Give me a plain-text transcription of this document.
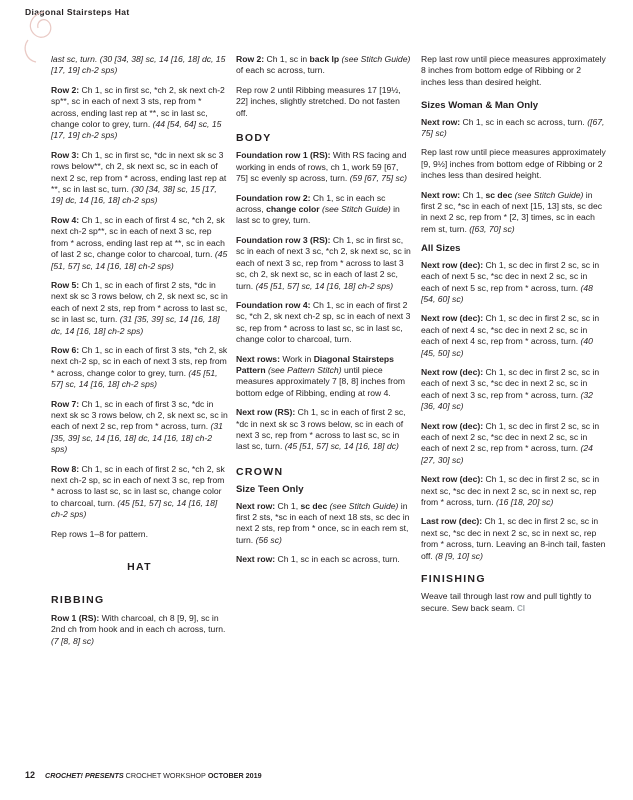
Diagonal Stairsteps Hat

last sc, turn. (30 [34, 38] sc, 14 [16, 18] dc, 15 [17, 19] ch-2 sps)

Row 2: Ch 1, sc in first sc, *ch 2, sk next ch-2 sp**, sc in each of next 3 sts, rep from * across, ending last rep at **, sc in last sc, change color to grey, turn. (44 [54, 64] sc, 15 [17, 19] ch-2 sps)

Row 3: Ch 1, sc in first sc, *dc in next sk sc 3 rows below**, ch 2, sk next sc, sc in each of next 2 sc, rep from * across, ending last rep at **, sc in last sc, turn. (30 [34, 38] sc, 15 [17, 19] dc, 14 [16, 18] ch-2 sps)

Row 4: Ch 1, sc in each of first 4 sc, *ch 2, sk next ch-2 sp**, sc in each of next 3 sc, rep from * across, ending last rep at **, sc in each of last 2 sc, change color to charcoal, turn. (45 [51, 57] sc, 14 [16, 18] ch-2 sps)

Row 5: Ch 1, sc in each of first 2 sts, *dc in next sk sc 3 rows below, ch 2, sk next sc, sc in each of next 2 sts, rep from * across to last sc, sc in last sc, turn. (31 [35, 39] sc, 14 [16, 18] dc, 14 [16, 18] ch-2 sps)

Row 6: Ch 1, sc in each of first 3 sts, *ch 2, sk next ch-2 sp, sc in each of next 3 sts, rep from * across, change color to grey, turn. (45 [51, 57] sc, 14 [16, 18] ch-2 sps)

Row 7: Ch 1, sc in each of first 3 sc, *dc in next sk sc 3 rows below, ch 2, sk next sc, sc in each of next 2 sc, rep from * across, turn. (31 [35, 39] sc, 14 [16, 18] dc, 14 [16, 18] ch-2 sps)

Row 8: Ch 1, sc in each of first 2 sc, *ch 2, sk next ch-2 sp, sc in each of next 3 sc, rep from * across to last sc, sc in last sc, change color to charcoal, turn. (45 [51, 57] sc, 14 [16, 18] ch-2 sps)

Rep rows 1–8 for pattern.

HAT
RIBBING

Row 1 (RS): With charcoal, ch 8 [9, 9], sc in 2nd ch from hook and in each ch across, turn. (7 [8, 8] sc)

Row 2: Ch 1, sc in back lp (see Stitch Guide) of each sc across, turn.

Rep row 2 until Ribbing measures 17 [19½, 22] inches, slightly stretched. Do not fasten off.

BODY

Foundation row 1 (RS): With RS facing and working in ends of rows, ch 1, work 59 [67, 75] sc evenly sp across, turn. (59 [67, 75] sc)

Foundation row 2: Ch 1, sc in each sc across, change color (see Stitch Guide) in last sc to grey, turn.

Foundation row 3 (RS): Ch 1, sc in first sc, sc in each of next 3 sc, *ch 2, sk next sc, sc in each of next 3 sc, rep from * across to last 3 sc, ch 2, sk next sc, sc in each of last 2 sc, turn. (45 [51, 57] sc, 14 [16, 18] ch-2 sps)

Foundation row 4: Ch 1, sc in each of first 2 sc, *ch 2, sk next ch-2 sp, sc in each of next 3 sc, rep from * across to last sc, sc in last sc, change color to charcoal, turn.

Next rows: Work in Diagonal Stairsteps Pattern (see Pattern Stitch) until piece measures approximately 7 [8, 8] inches from bottom edge of Ribbing, ending at row 4.

Next row (RS): Ch 1, sc in each of first 2 sc, *dc in next sk sc 3 rows below, sc in each of next 3 sc, rep from * across to last sc, sc in last sc, turn. (45 [51, 57] sc, 14 [16, 18] dc)

CROWN
Size Teen Only

Next row: Ch 1, sc dec (see Stitch Guide) in first 2 sts, *sc in each of next 18 sts, sc dec in next 2 sts, rep from * once, sc in each rem st, turn. (56 sc)

Next row: Ch 1, sc in each sc across, turn.

Rep last row until piece measures approximately 8 inches from bottom edge of Ribbing or 2 inches less than desired height.

Sizes Woman & Man Only

Next row: Ch 1, sc in each sc across, turn. ([67, 75] sc)

Rep last row until piece measures approximately [9, 9½] inches from bottom edge of Ribbing or 2 inches less than desired height.

Next row: Ch 1, sc dec (see Stitch Guide) in first 2 sc, *sc in each of next [15, 13] sts, sc dec in next 2 sc, rep from * [2, 3] times, sc in each rem st, turn. ([63, 70] sc)

All Sizes

Next row (dec): Ch 1, sc dec in first 2 sc, sc in each of next 5 sc, *sc dec in next 2 sc, sc in each of next 5 sc, rep from * across, turn. (48 [54, 60] sc)

Next row (dec): Ch 1, sc dec in first 2 sc, sc in each of next 4 sc, *sc dec in next 2 sc, sc in each of next 4 sc, rep from * across, turn. (40 [45, 50] sc)

Next row (dec): Ch 1, sc dec in first 2 sc, sc in each of next 3 sc, *sc dec in next 2 sc, sc in each of next 3 sc, rep from * across, turn. (32 [36, 40] sc)

Next row (dec): Ch 1, sc dec in first 2 sc, sc in each of next 2 sc, *sc dec in next 2 sc, sc in each of next 2 sc, rep from * across, turn. (24 [27, 30] sc)

Next row (dec): Ch 1, sc dec in first 2 sc, sc in next sc, *sc dec in next 2 sc, sc in next sc, rep from * across, turn. (16 [18, 20] sc)

Last row (dec): Ch 1, sc dec in first 2 sc, sc in next sc, *sc dec in next 2 sc, sc in next sc, rep from * across, turn. Leaving an 8-inch tail, fasten off. (8 [9, 10] sc)

FINISHING

Weave tail through last row and pull tightly to secure. Sew back seam. CI

12 CROCHET! PRESENTS CROCHET WORKSHOP OCTOBER 2019
